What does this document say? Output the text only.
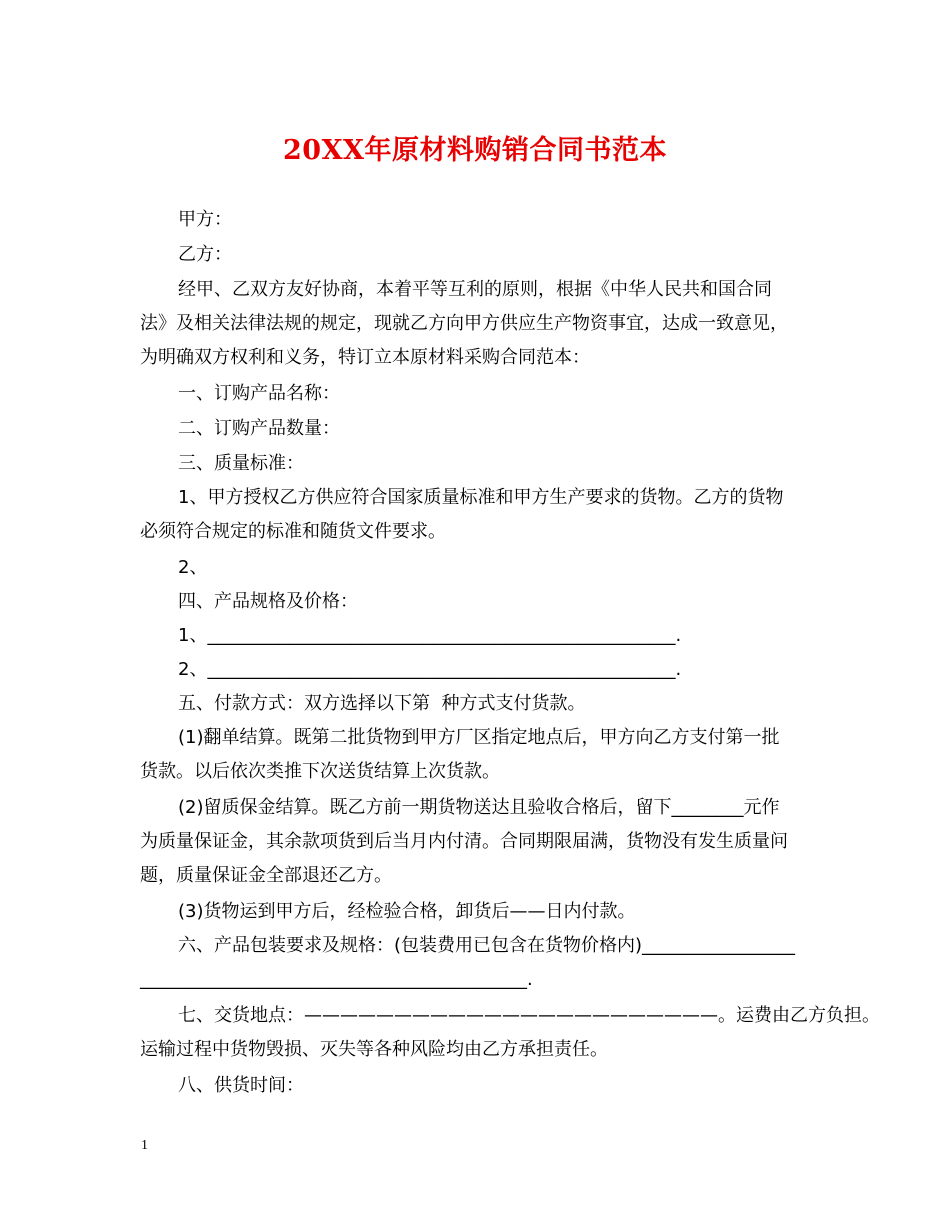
20XX年原材料购销合同书范本
甲方：
乙方：
经甲、乙双方友好协商，本着平等互利的原则，根据《中华人民共和国合同
法》及相关法律法规的规定，现就乙方向甲方供应生产物资事宜，达成一致意见，
为明确双方权利和义务，特订立本原材料采购合同范本：
一、订购产品名称：
二、订购产品数量：
三、质量标准：
1、甲方授权乙方供应符合国家质量标准和甲方生产要求的货物。乙方的货物
必须符合规定的标准和随货文件要求。
2、
四、产品规格及价格：
1、____________________________________________________.
2、____________________________________________________.
五、付款方式：双方选择以下第  种方式支付货款。
(1)翻单结算。既第二批货物到甲方厂区指定地点后，甲方向乙方支付第一批
货款。以后依次类推下次送货结算上次货款。
(2)留质保金结算。既乙方前一期货物送达且验收合格后，留下________元作
为质量保证金，其余款项货到后当月内付清。合同期限届满，货物没有发生质量问
题，质量保证金全部退还乙方。
(3)货物运到甲方后，经检验合格，卸货后——日内付款。
六、产品包装要求及规格：(包装费用已包含在货物价格内)_________________
___________________________________________.
七、交货地点：———————————————————————。运费由乙方负担。
运输过程中货物毁损、灭失等各种风险均由乙方承担责任。
八、供货时间：
1
